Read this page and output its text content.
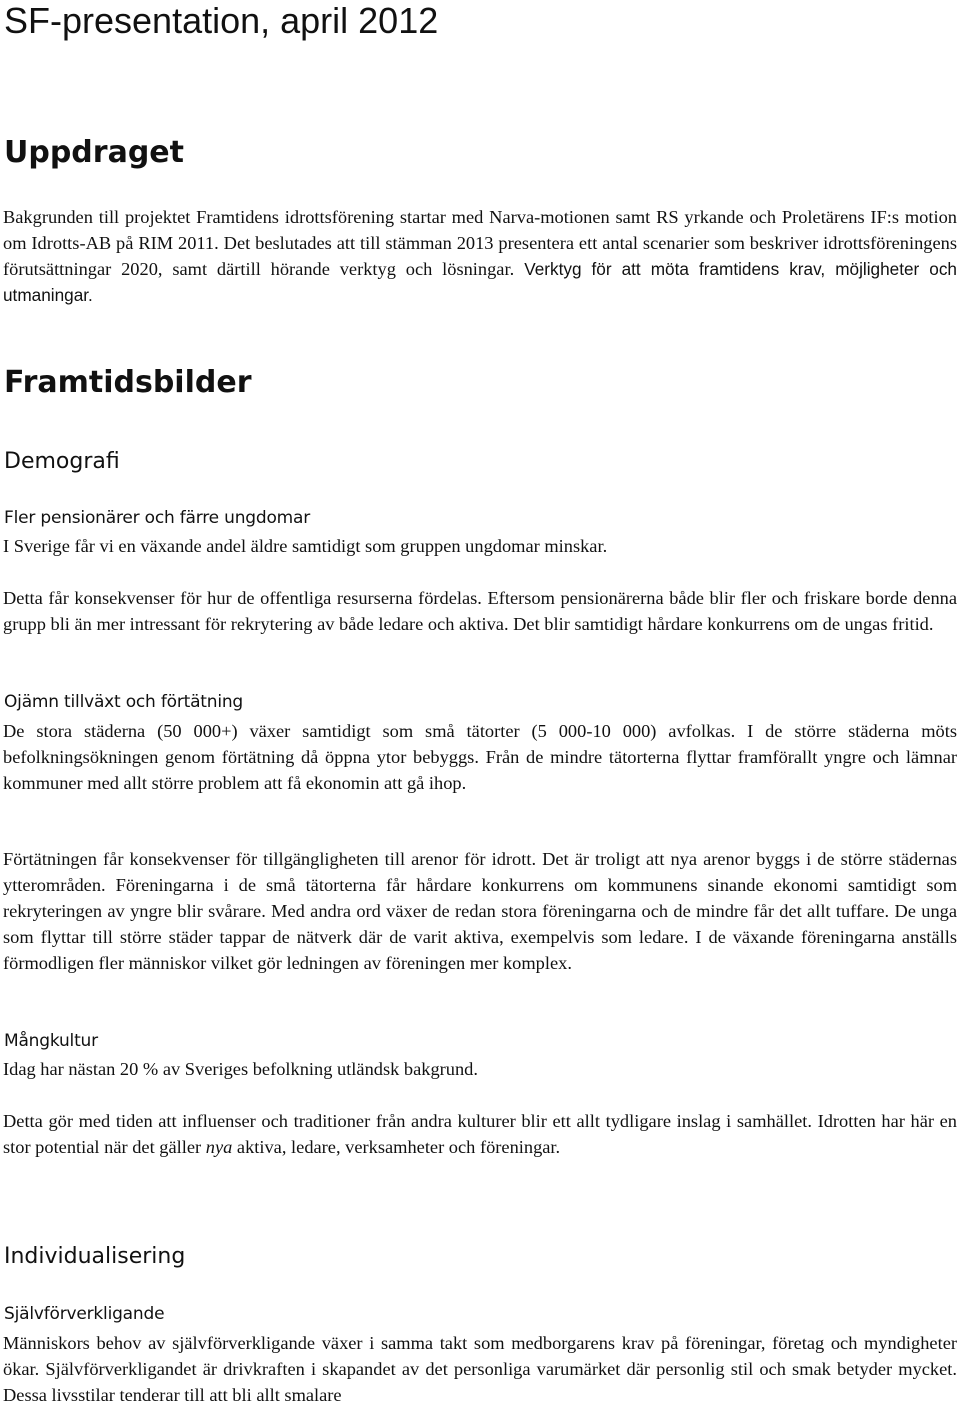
SF-presentation, april 2012
Uppdraget

Bakgrunden till projektet Framtidens idrottsförening startar med Narva-motionen samt RS yrkande och Proletärens IF:s motion om Idrotts-AB på RIM 2011. Det beslutades att till stämman 2013 presentera ett antal scenarier som beskriver idrottsföreningens förutsättningar 2020, samt därtill hörande verktyg och lösningar. Verktyg för att möta framtidens krav, möjligheter och utmaningar.

Framtidsbilder
Demografi
Fler pensionärer och färre ungdomar

I Sverige får vi en växande andel äldre samtidigt som gruppen ungdomar minskar.

Detta får konsekvenser för hur de offentliga resurserna fördelas. Eftersom pensionärerna både blir fler och friskare borde denna grupp bli än mer intressant för rekrytering av både ledare och aktiva. Det blir samtidigt hårdare konkurrens om de ungas fritid.

Ojämn tillväxt och förtätning

De stora städerna (50 000+) växer samtidigt som små tätorter (5 000-10 000) avfolkas. I de större städerna möts befolkningsökningen genom förtätning då öppna ytor bebyggs. Från de mindre tätorterna flyttar framförallt yngre och lämnar kommuner med allt större problem att få ekonomin att gå ihop.

Förtätningen får konsekvenser för tillgängligheten till arenor för idrott. Det är troligt att nya arenor byggs i de större städernas ytterområden. Föreningarna i de små tätorterna får hårdare konkurrens om kommunens sinande ekonomi samtidigt som rekryteringen av yngre blir svårare. Med andra ord växer de redan stora föreningarna och de mindre får det allt tuffare. De unga som flyttar till större städer tappar de nätverk där de varit aktiva, exempelvis som ledare. I de växande föreningarna anställs förmodligen fler människor vilket gör ledningen av föreningen mer komplex.

Mångkultur

Idag har nästan 20 % av Sveriges befolkning utländsk bakgrund.

Detta gör med tiden att influenser och traditioner från andra kulturer blir ett allt tydligare inslag i samhället. Idrotten har här en stor potential när det gäller nya aktiva, ledare, verksamheter och föreningar.

Individualisering
Självförverkligande

Människors behov av självförverkligande växer i samma takt som medborgarens krav på föreningar, företag och myndigheter ökar. Självförverkligandet är drivkraften i skapandet av det personliga varumärket där personlig stil och smak betyder mycket. Dessa livsstilar tenderar till att bli allt smalare
